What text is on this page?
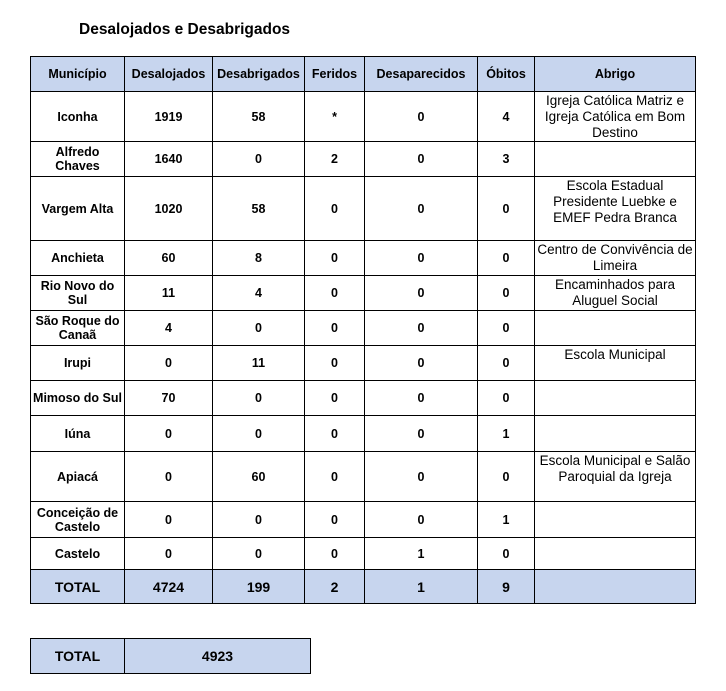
Desalojados e Desabrigados
Município	Desalojados	Desabrigados	Feridos	Desaparecidos	Óbitos	Abrigo
Iconha	1919	58	*	0	4	Igreja Católica Matriz e Igreja Católica em Bom Destino
Alfredo Chaves	1640	0	2	0	3	
Vargem Alta	1020	58	0	0	0	Escola Estadual Presidente Luebke e EMEF Pedra Branca
Anchieta	60	8	0	0	0	Centro de Convivência de Limeira
Rio Novo do Sul	11	4	0	0	0	Encaminhados para Aluguel Social
São Roque do Canaã	4	0	0	0	0	
Irupi	0	11	0	0	0	Escola Municipal
Mimoso do Sul	70	0	0	0	0	
Iúna	0	0	0	0	1	
Apiacá	0	60	0	0	0	Escola Municipal e Salão Paroquial da Igreja
Conceição de Castelo	0	0	0	0	1	
Castelo	0	0	0	1	0	
TOTAL	4724	199	2	1	9	
TOTAL	4923
